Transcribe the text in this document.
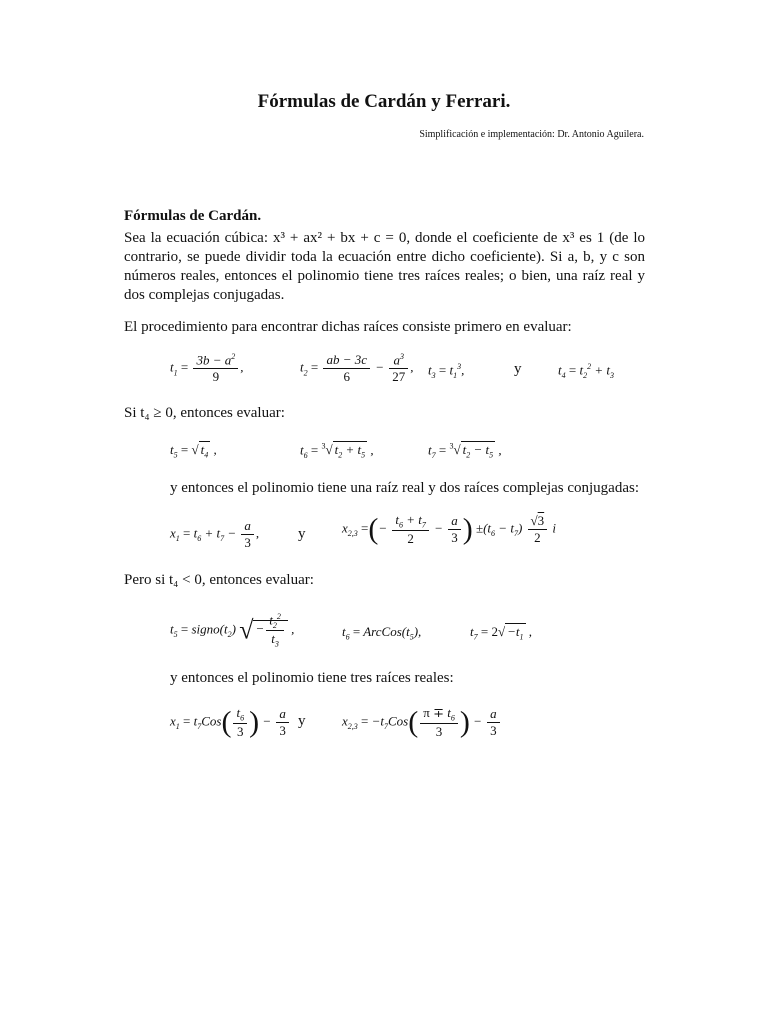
Fórmulas de Cardán y Ferrari.
Simplificación e implementación: Dr. Antonio Aguilera.
Fórmulas de Cardán.
Sea la ecuación cúbica: x³ + ax² + bx + c = 0, donde el coeficiente de x³ es 1 (de lo contrario, se puede dividir toda la ecuación entre dicho coeficiente). Si a, b, y c son números reales, entonces el polinomio tiene tres raíces reales; o bien, una raíz real y dos complejas conjugadas.
El procedimiento para encontrar dichas raíces consiste primero en evaluar:
$t_1 = \frac{3b - a^2}{9}$ ,	$t_2 = \frac{ab - 3c}{6} - \frac{a^3}{27}$ , $t_3 = t_1^3$,	y	$t_4 = t_2^2 + t_3$
Si t₄ ≥ 0, entonces evaluar:
$t_5$ = √ $t_4$ ,	$t_6 = ^3√$ $t_2 + t_5$ ,	$t_7 = ^3√$ $t_2 - t_5$ ,
y entonces el polinomio tiene una raíz real y dos raíces complejas conjugadas:
$x_1 = t_6 + t_7 - \frac{a}{3}$ ,	y	$x_{2,3}$ =(− $\frac{t_6 + t_7}{2} - \frac{a}{3}$ ) $\pm(t_6 - t_7) \frac{√3}{2}$ i
Pero si t₄ < 0, entonces evaluar:
$t_5$ = $signo(t_2)$ √ − $\frac{t_2^2}{t_3}$ ,	$t_6$ = $ArcCos(t_5)$,	$t_7 = 2√ -t_1$ ,
y entonces el polinomio tiene tres raíces reales:
$x_1 = t_7Cos( \frac{t_6}{3}$ ) − $\frac{a}{3}$ y	$x_{2,3} = -t_7Cos( \frac{\pi \mp t_6}{3}$ ) − $\frac{a}{3}$
